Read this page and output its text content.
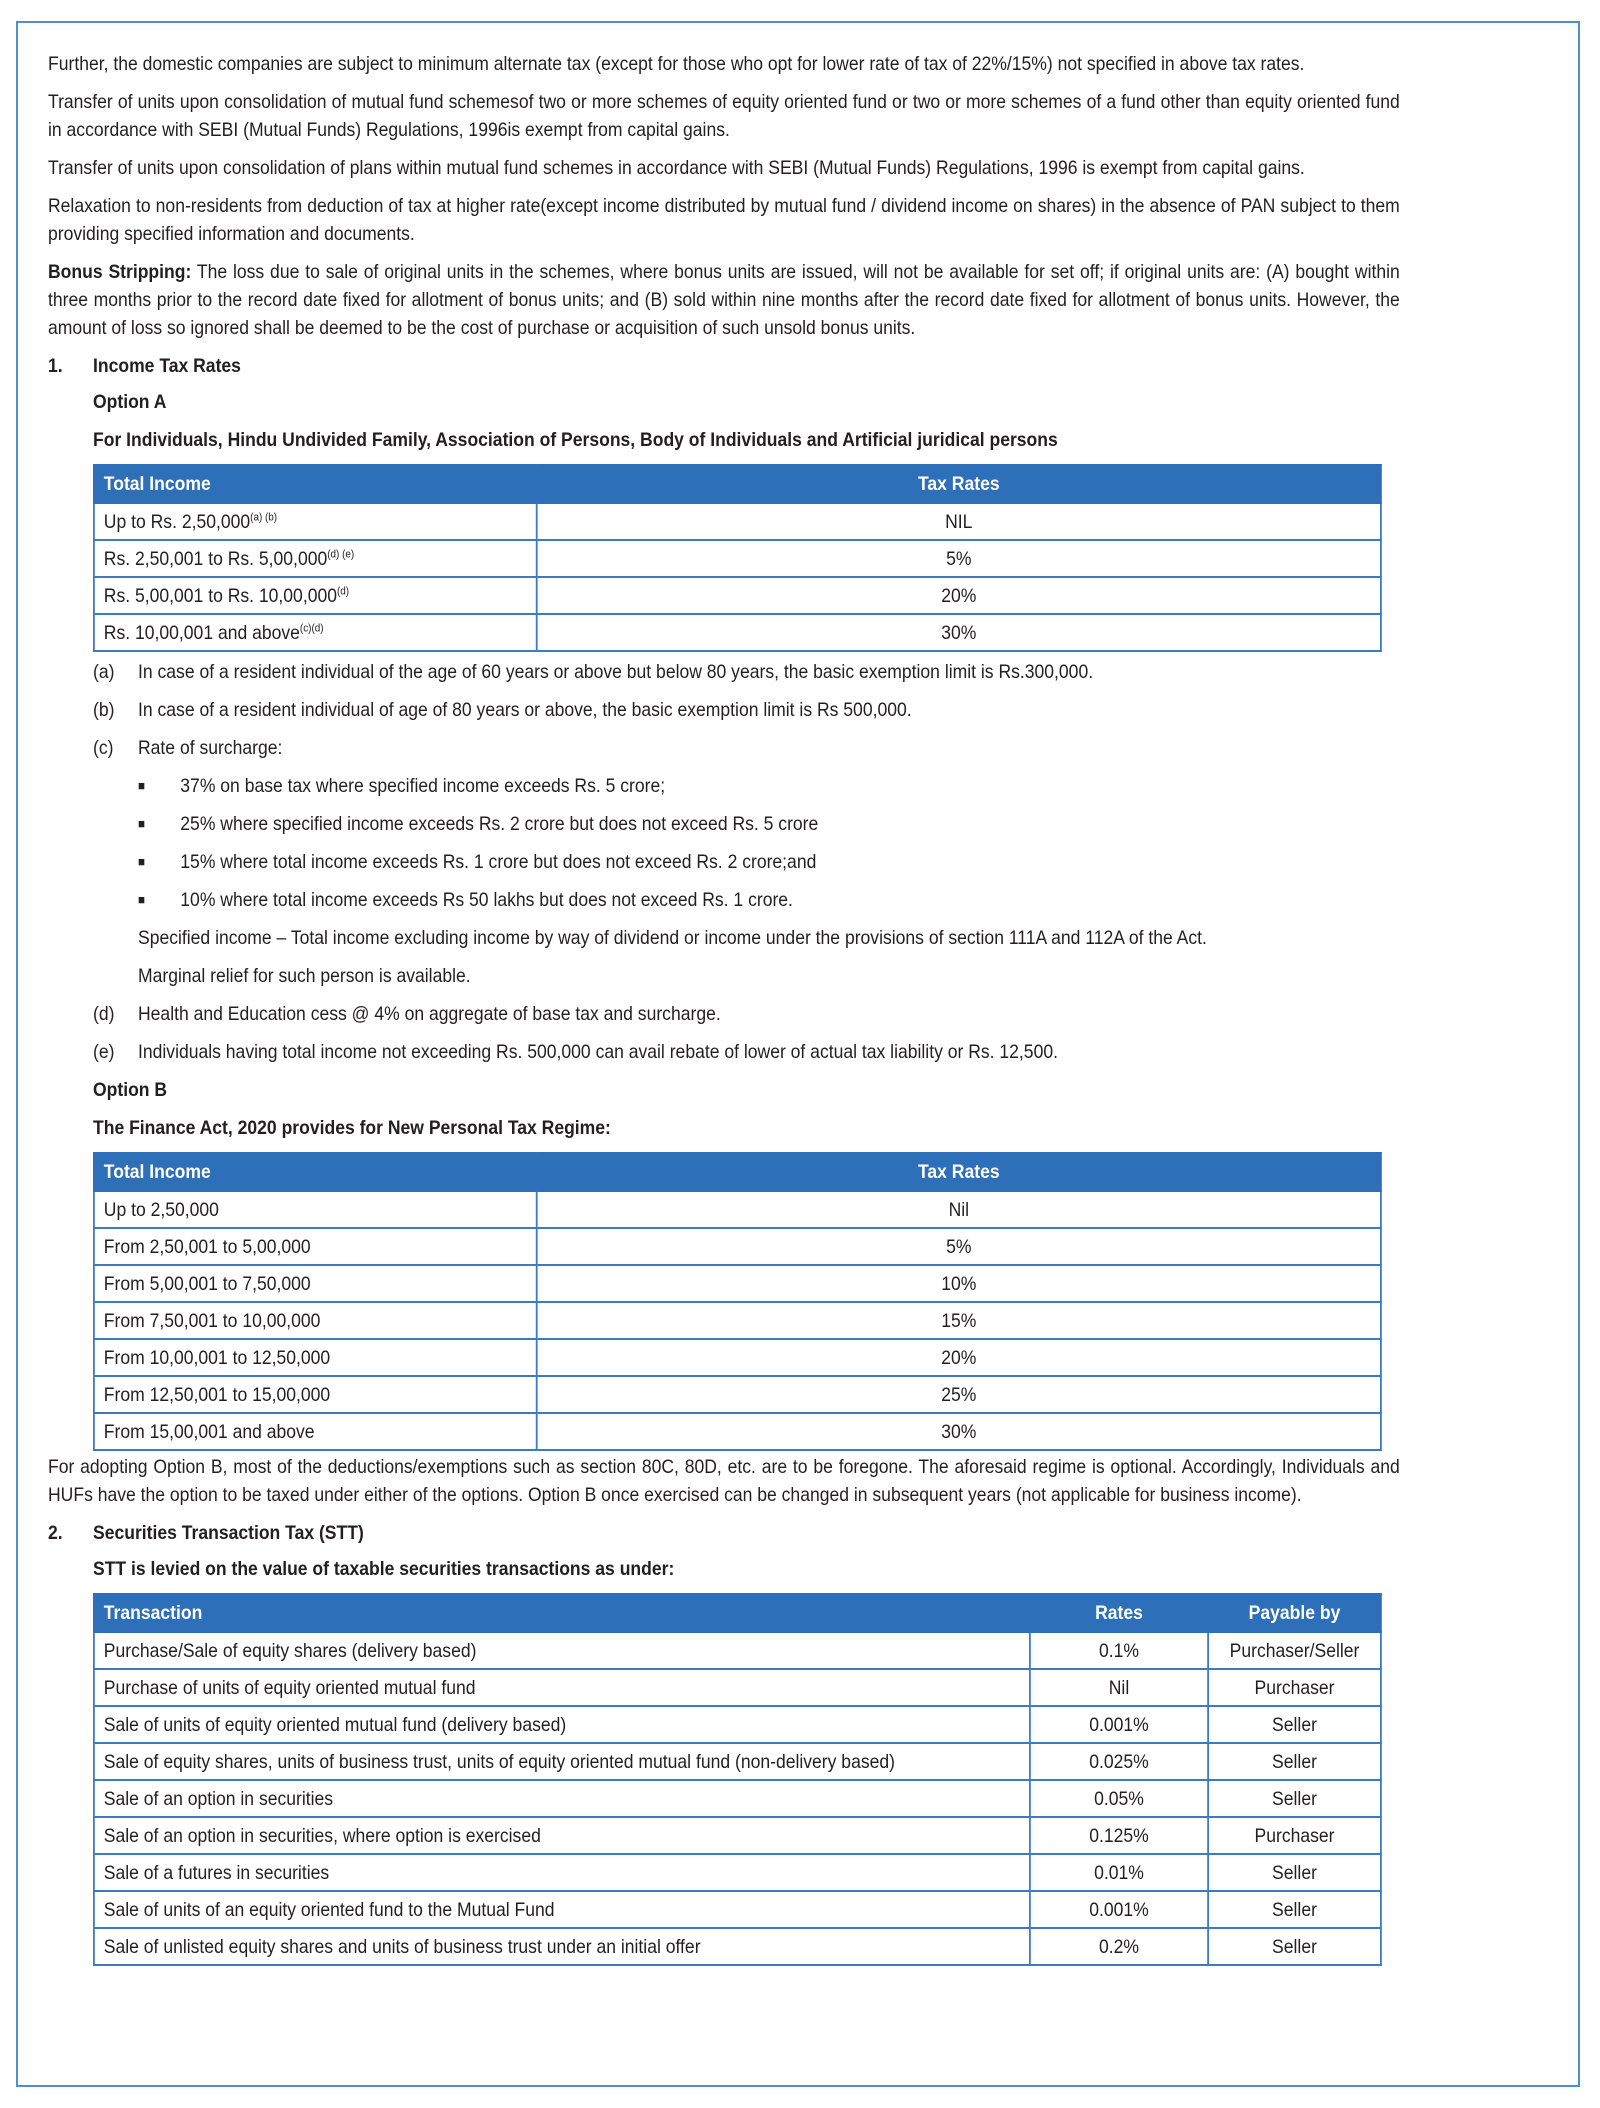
Further, the domestic companies are subject to minimum alternate tax (except for those who opt for lower rate of tax of 22%/15%) not specified in above tax rates.

Transfer of units upon consolidation of mutual fund schemesof two or more schemes of equity oriented fund or two or more schemes of a fund other than equity oriented fund in accordance with SEBI (Mutual Funds) Regulations, 1996is exempt from capital gains.

Transfer of units upon consolidation of plans within mutual fund schemes in accordance with SEBI (Mutual Funds) Regulations, 1996 is exempt from capital gains.

Relaxation to non-residents from deduction of tax at higher rate(except income distributed by mutual fund / dividend income on shares) in the absence of PAN subject to them providing specified information and documents.

Bonus Stripping: The loss due to sale of original units in the schemes, where bonus units are issued, will not be available for set off; if original units are: (A) bought within three months prior to the record date fixed for allotment of bonus units; and (B) sold within nine months after the record date fixed for allotment of bonus units. However, the amount of loss so ignored shall be deemed to be the cost of purchase or acquisition of such unsold bonus units.

1.	Income Tax Rates
Option A
For Individuals, Hindu Undivided Family, Association of Persons, Body of Individuals and Artificial juridical persons
Total Income	Tax Rates
Up to Rs. $2,50,000^{(a) (b)}$	NIL
Rs. 2,50,001 to Rs. $5,00,000^{(d) (e)}$	5%
Rs. 5,00,001 to Rs. 10,00,000$^{(d)}$	20%
Rs. 10,00,001 and above$^{(c)(d)}$	30%
(a)	In case of a resident individual of the age of 60 years or above but below 80 years, the basic exemption limit is Rs.300,000.
(b)	In case of a resident individual of age of 80 years or above, the basic exemption limit is Rs 500,000.
(c)	Rate of surcharge:
■	37% on base tax where specified income exceeds Rs. 5 crore;
■	25% where specified income exceeds Rs. 2 crore but does not exceed Rs. 5 crore
■	15% where total income exceeds Rs. 1 crore but does not exceed Rs. 2 crore;and
■	10% where total income exceeds Rs 50 lakhs but does not exceed Rs. 1 crore.
Specified income – Total income excluding income by way of dividend or income under the provisions of section 111A and 112A of the Act.
Marginal relief for such person is available.
(d)	Health and Education cess @ 4% on aggregate of base tax and surcharge.
(e)	Individuals having total income not exceeding Rs. 500,000 can avail rebate of lower of actual tax liability or Rs. 12,500.
Option B
The Finance Act, 2020 provides for New Personal Tax Regime:
Total Income	Tax Rates
Up to 2,50,000	Nil
From 2,50,001 to 5,00,000	5%
From 5,00,001 to 7,50,000	10%
From 7,50,001 to 10,00,000	15%
From 10,00,001 to 12,50,000	20%
From 12,50,001 to 15,00,000	25%
From 15,00,001 and above	30%

For adopting Option B, most of the deductions/exemptions such as section 80C, 80D, etc. are to be foregone. The aforesaid regime is optional. Accordingly, Individuals and HUFs have the option to be taxed under either of the options. Option B once exercised can be changed in subsequent years (not applicable for business income).

2.	Securities Transaction Tax (STT)
STT is levied on the value of taxable securities transactions as under:
Transaction	Rates	Payable by
Purchase/Sale of equity shares (delivery based)	0.1%	Purchaser/Seller
Purchase of units of equity oriented mutual fund	Nil	Purchaser
Sale of units of equity oriented mutual fund (delivery based)	0.001%	Seller
Sale of equity shares, units of business trust, units of equity oriented mutual fund (non-delivery based)	0.025%	Seller
Sale of an option in securities	0.05%	Seller
Sale of an option in securities, where option is exercised	0.125%	Purchaser
Sale of a futures in securities	0.01%	Seller
Sale of units of an equity oriented fund to the Mutual Fund	0.001%	Seller
Sale of unlisted equity shares and units of business trust under an initial offer	0.2%	Seller
